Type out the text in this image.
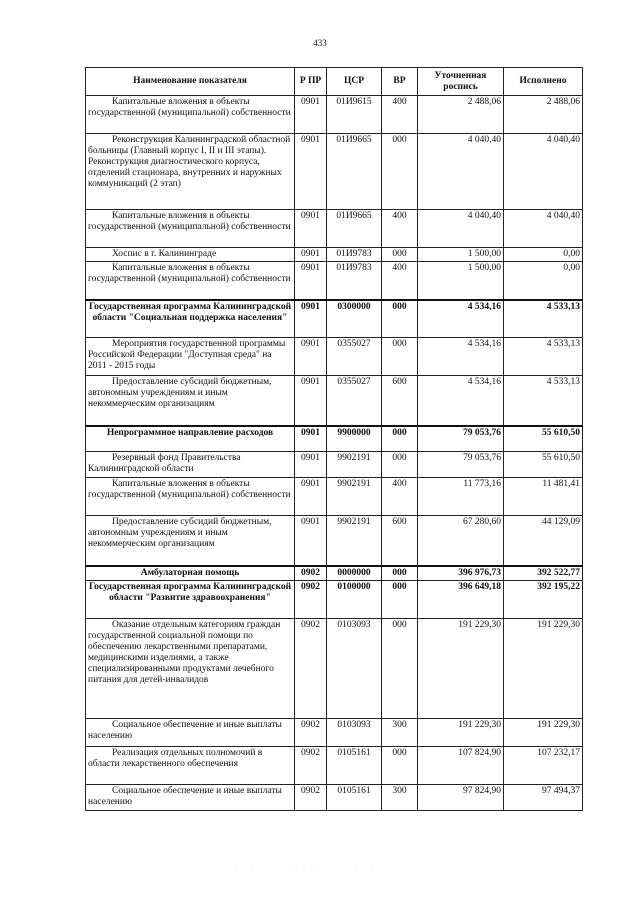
433
Наименование показателя	Р ПР	ЦСР	ВР	Уточненная роспись	Исполнено
Капитальные вложения в объекты государственной (муниципальной) собственности	0901	01И9615	400	2 488,06	2 488,06
Реконструкция Калининградской областной больницы (Главный корпус I, II и III этапы). Реконструкция диагностического корпуса, отделений стационара, внутренних и наружных коммуникаций (2 этап)	0901	01И9665	000	4 040,40	4 040,40
Капитальные вложения в объекты государственной (муниципальной) собственности	0901	01И9665	400	4 040,40	4 040,40
Хоспис в г. Калининграде	0901	01И9783	000	1 500,00	0,00
Капитальные вложения в объекты государственной (муниципальной) собственности	0901	01И9783	400	1 500,00	0,00
Государственная программа Калининградской области "Социальная поддержка населения"	0901	0300000	000	4 534,16	4 533,13
Мероприятия государственной программы Российской Федерации "Доступная среда" на 2011 - 2015 годы	0901	0355027	000	4 534,16	4 533,13
Предоставление субсидий бюджетным, автономным учреждениям и иным некоммерческим организациям	0901	0355027	600	4 534,16	4 533,13
Непрограммное направление расходов	0901	9900000	000	79 053,76	55 610,50
Резервный фонд Правительства Калининградской области	0901	9902191	000	79 053,76	55 610,50
Капитальные вложения в объекты государственной (муниципальной) собственности	0901	9902191	400	11 773,16	11 481,41
Предоставление субсидий бюджетным, автономным учреждениям и иным некоммерческим организациям	0901	9902191	600	67 280,60	44 129,09
Амбулаторная помощь	0902	0000000	000	396 976,73	392 522,77
Государственная программа Калининградской области "Развитие здравоохранения"	0902	0100000	000	396 649,18	392 195,22
Оказание отдельным категориям граждан государственной социальной помощи по обеспечению лекарственными препаратами, медицинскими изделиями, а также специализированными продуктами лечебного питания для детей-инвалидов	0902	0103093	000	191 229,30	191 229,30
Социальное обеспечение и иные выплаты населению	0902	0103093	300	191 229,30	191 229,30
Реализация отдельных полномочий в области лекарственного обеспечения	0902	0105161	000	107 824,90	107 232,17
Социальное обеспечение и иные выплаты населению	0902	0105161	300	97 824,90	97 494,37
· · · · · · · · · · · · · · · · · · · · · · ·
